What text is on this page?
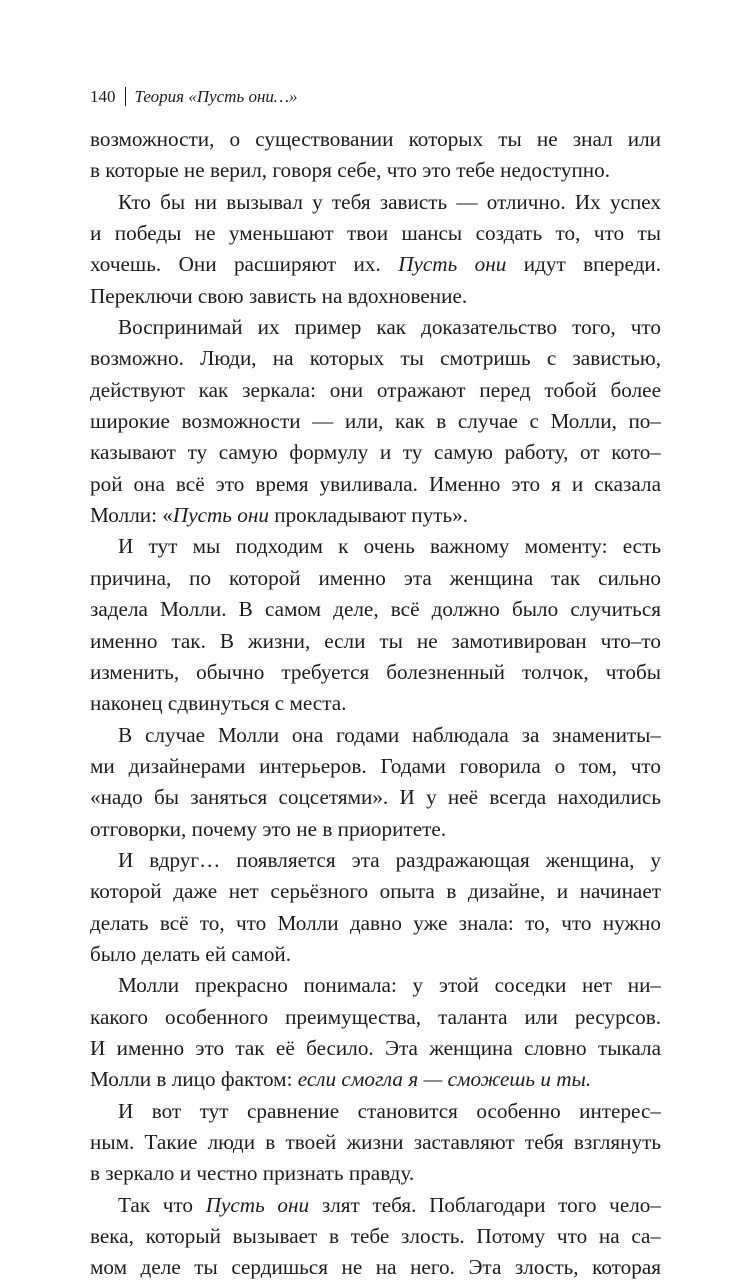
140 Теория «Пусть они…»
возможности, о существовании которых ты не знал или
в которые не верил, говоря себе, что это тебе недоступно.
Кто бы ни вызывал у тебя зависть — отлично. Их успех
и победы не уменьшают твои шансы создать то, что ты
хочешь. Они расширяют их. Пусть они идут впереди.
Переключи свою зависть на вдохновение.
Воспринимай их пример как доказательство того, что
возможно. Люди, на которых ты смотришь с завистью,
действуют как зеркала: они отражают перед тобой более
широкие возможности — или, как в случае с Молли, по–
казывают ту самую формулу и ту самую работу, от кото–
рой она всё это время увиливала. Именно это я и сказала
Молли: «Пусть они прокладывают путь».
И тут мы подходим к очень важному моменту: есть
причина, по которой именно эта женщина так сильно
задела Молли. В самом деле, всё должно было случиться
именно так. В жизни, если ты не замотивирован что–то
изменить, обычно требуется болезненный толчок, чтобы
наконец сдвинуться с места.
В случае Молли она годами наблюдала за знамениты–
ми дизайнерами интерьеров. Годами говорила о том, что
«надо бы заняться соцсетями». И у неё всегда находились
отговорки, почему это не в приоритете.
И вдруг… появляется эта раздражающая женщина, у
которой даже нет серьёзного опыта в дизайне, и начинает
делать всё то, что Молли давно уже знала: то, что нужно
было делать ей самой.
Молли прекрасно понимала: у этой соседки нет ни–
какого особенного преимущества, таланта или ресурсов.
И именно это так её бесило. Эта женщина словно тыкала
Молли в лицо фактом: если смогла я — сможешь и ты.
И вот тут сравнение становится особенно интерес–
ным. Такие люди в твоей жизни заставляют тебя взглянуть
в зеркало и честно признать правду.
Так что Пусть они злят тебя. Поблагодари того чело–
века, который вызывает в тебе злость. Потому что на са–
мом деле ты сердишься не на него. Эта злость, которая
